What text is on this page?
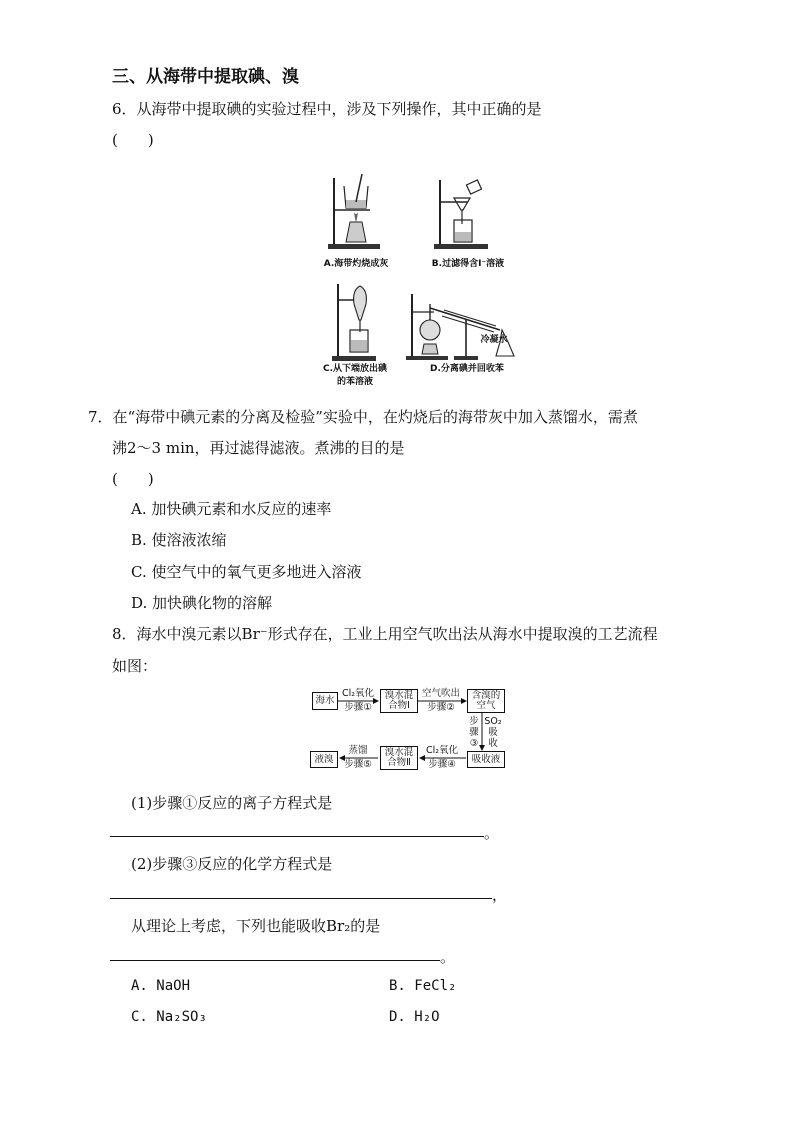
三、从海带中提取碘、溴
6．从海带中提取碘的实验过程中，涉及下列操作，其中正确的是
(　　)
A.海带灼烧成灰	B.过滤得含I⁻溶液
C.从下端放出碘
的苯溶液
冷凝水
D.分离碘并回收苯
7．在“海带中碘元素的分离及检验”实验中，在灼烧后的海带灰中加入蒸馏水，需煮
沸2～3 min，再过滤得滤液。煮沸的目的是
(　　)
A. 加快碘元素和水反应的速率
B. 使溶液浓缩
C. 使空气中的氧气更多地进入溶液
D. 加快碘化物的溶解
8．海水中溴元素以Br⁻形式存在，工业上用空气吹出法从海水中提取溴的工艺流程
如图：
海水
Cl₂氧化
步骤①
溴水混
合物Ⅰ
空气吹出
步骤②
含溴的
空气
步
骤
③
SO₂
吸
收
吸收液
Cl₂氧化
步骤④
溴水混
合物Ⅱ
蒸馏
步骤⑤
液溴
(1)步骤①反应的离子方程式是
。
(2)步骤③反应的化学方程式是
，
从理论上考虑，下列也能吸收Br₂的是
。
A. NaOH	B. FeCl₂
C. Na₂SO₃	D. H₂O
